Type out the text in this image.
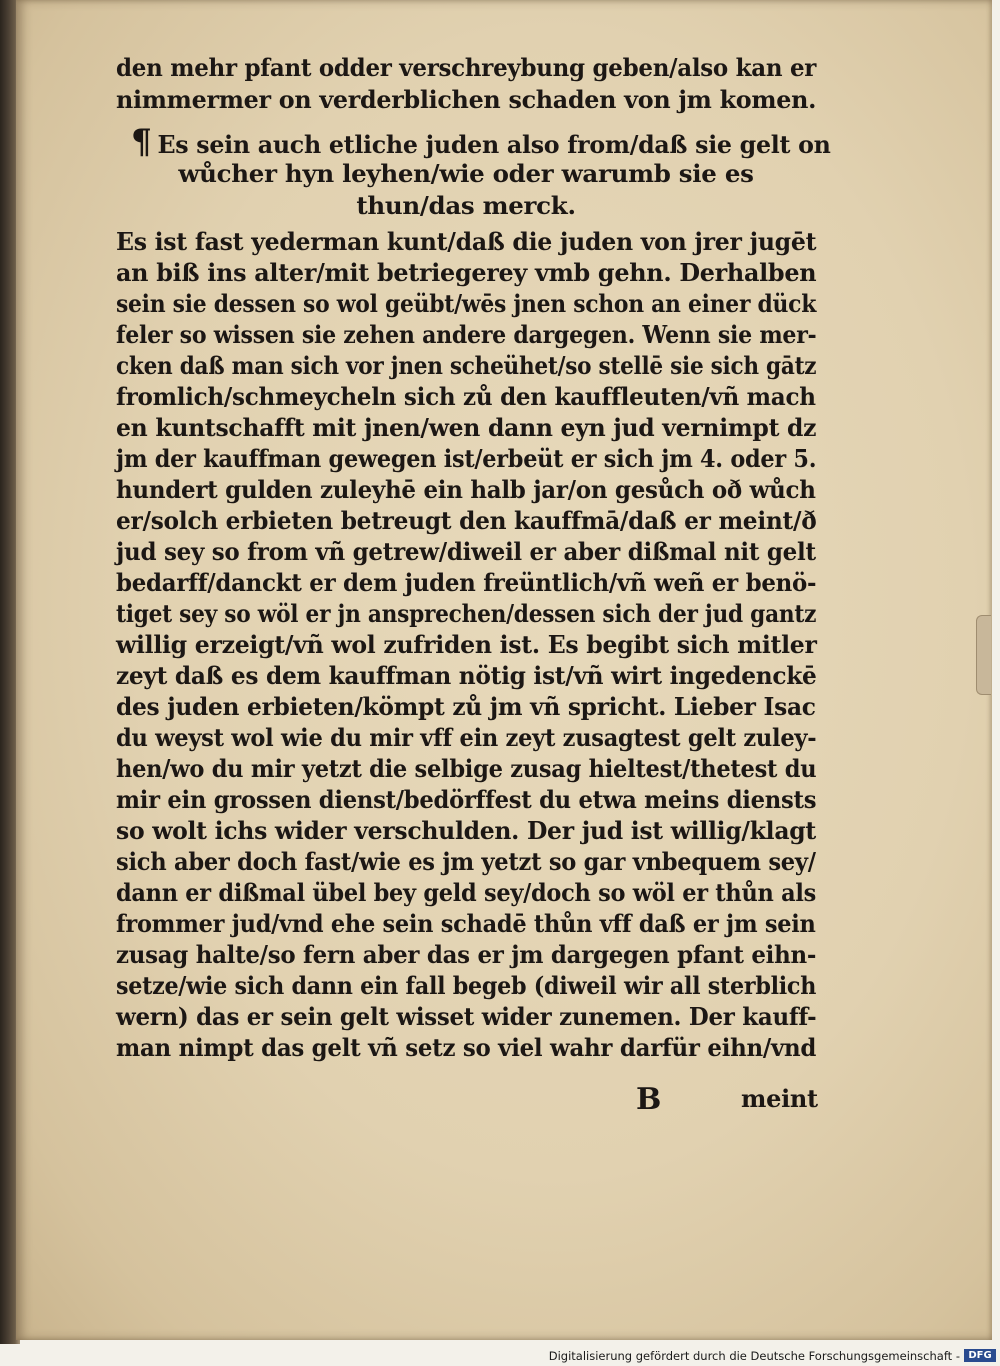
den mehr pfant odder verschreybung geben/also kan er
nimmermer on verderblichen schaden von jm komen.
¶ Es sein auch etliche juden also from/daß sie gelt on
wůcher hyn leyhen/wie oder warumb sie es
thun/das merck.
Es ist fast yederman kunt/daß die juden von jrer jugēt
an biß ins alter/mit betriegerey vmb gehn. Derhalben
sein sie dessen so wol geübt/wēs jnen schon an einer dück
feler so wissen sie zehen andere dargegen. Wenn sie mer-
cken daß man sich vor jnen scheühet/so stellē sie sich gātz
fromlich/schmeycheln sich zů den kauffleuten/vñ mach
en kuntschafft mit jnen/wen dann eyn jud vernimpt dz
jm der kauffman gewegen ist/erbeüt er sich jm 4. oder 5.
hundert gulden zuleyhē ein halb jar/on gesůch oð wůch
er/solch erbieten betreugt den kauffmā/daß er meint/ð
jud sey so from vñ getrew/diweil er aber dißmal nit gelt
bedarff/danckt er dem juden freüntlich/vñ weñ er benö-
tiget sey so wöl er jn ansprechen/dessen sich der jud gantz
willig erzeigt/vñ wol zufriden ist. Es begibt sich mitler
zeyt daß es dem kauffman nötig ist/vñ wirt ingedenckē
des juden erbieten/kömpt zů jm vñ spricht. Lieber Isac
du weyst wol wie du mir vff ein zeyt zusagtest gelt zuley-
hen/wo du mir yetzt die selbige zusag hieltest/thetest du
mir ein grossen dienst/bedörffest du etwa meins diensts
so wolt ichs wider verschulden. Der jud ist willig/klagt
sich aber doch fast/wie es jm yetzt so gar vnbequem sey/
dann er dißmal übel bey geld sey/doch so wöl er thůn als
frommer jud/vnd ehe sein schadē thůn vff daß er jm sein
zusag halte/so fern aber das er jm dargegen pfant eihn-
setze/wie sich dann ein fall begeb (diweil wir all sterblich
wern) das er sein gelt wisset wider zunemen. Der kauff-
man nimpt das gelt vñ setz so viel wahr darfür eihn/vnd
B	meint
Digitalisierung gefördert durch die Deutsche Forschungsgemeinschaft - DFG
